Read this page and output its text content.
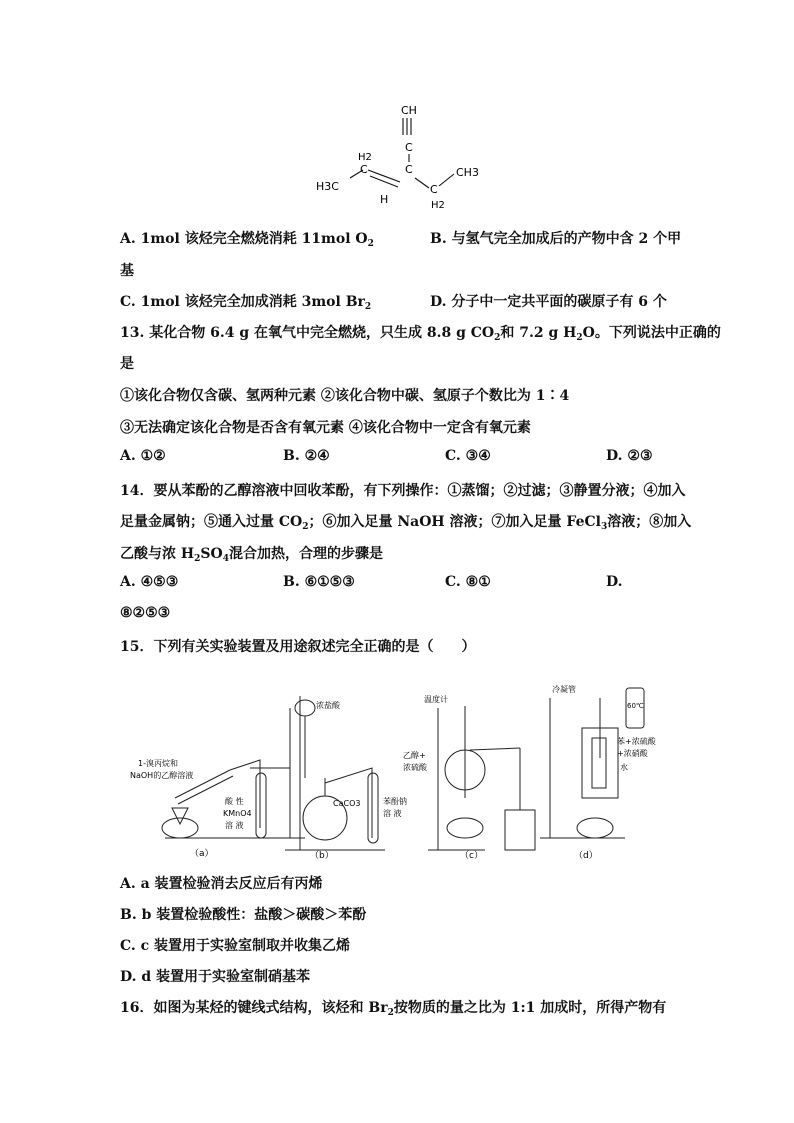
CH
C
H2
C
H3C
C
H
C
H2
CH3
A. 1mol 该烃完全燃烧消耗 11mol $O_2$	B. 与氢气完全加成后的产物中含 2 个甲
基
C. 1mol 该烃完全加成消耗 3mol $Br_2$	D. 分子中一定共平面的碳原子有 6 个
13. 某化合物 6.4 g 在氧气中完全燃烧，只生成 8.8 g $CO_2$和 7.2 g $H_2O$。下列说法中正确的
是
①该化合物仅含碳、氢两种元素 ②该化合物中碳、氢原子个数比为 1∶4
③无法确定该化合物是否含有氧元素 ④该化合物中一定含有氧元素
A. ①②	B. ②④	C. ③④	D. ②③
14．要从苯酚的乙醇溶液中回收苯酚，有下列操作：①蒸馏；②过滤；③静置分液；④加入
足量金属钠；⑤通入过量 $CO_2$；⑥加入足量 NaOH 溶液；⑦加入足量 FeCl$_3$溶液；⑧加入
乙酸与浓 $H_2SO_4$混合加热，合理的步骤是
A. ④⑤③	B. ⑥①⑤③	C. ⑧①	D.
⑧②⑤③
15．下列有关实验装置及用途叙述完全正确的是（　　）
1-溴丙烷和
NaOH的乙醇溶液
酸 性
KMnO4
溶 液
（a）
浓盐酸
CaCO3	苯酚钠
溶 液
（b）
温度计
乙醇+
浓硫酸
（c）
冷凝管
60℃
苯+浓硫酸
+浓硝酸
水
（d）
A. a 装置检验消去反应后有丙烯
B. b 装置检验酸性：盐酸＞碳酸＞苯酚
C. c 装置用于实验室制取并收集乙烯
D. d 装置用于实验室制硝基苯
16．如图为某烃的键线式结构，该烃和 $Br_2$按物质的量之比为 1:1 加成时，所得产物有
